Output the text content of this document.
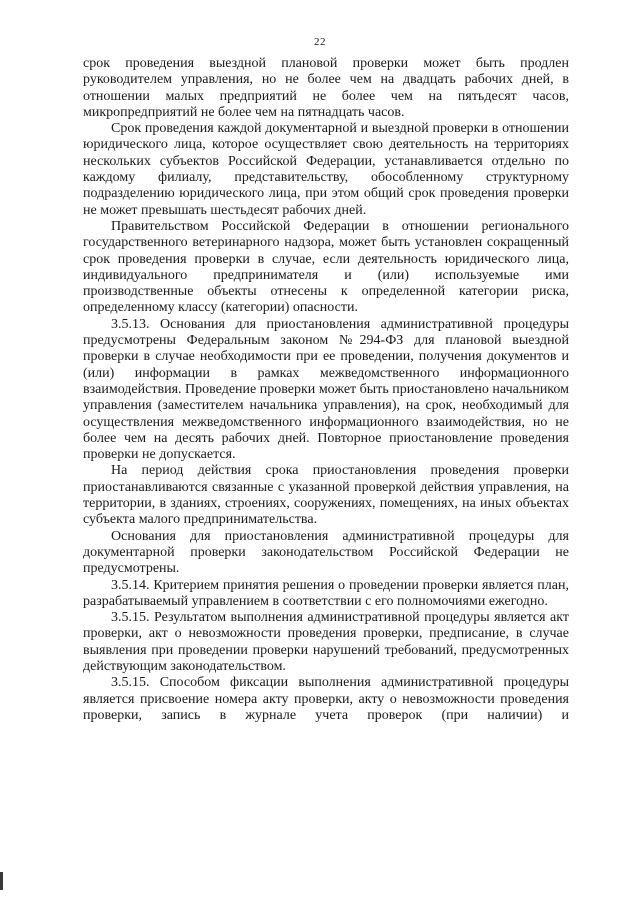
22

срок проведения выездной плановой проверки может быть продлен руководителем управления, но не более чем на двадцать рабочих дней, в отношении малых предприятий не более чем на пятьдесят часов, микропредприятий не более чем на пятнадцать часов.

Срок проведения каждой документарной и выездной проверки в отношении юридического лица, которое осуществляет свою деятельность на территориях нескольких субъектов Российской Федерации, устанавливается отдельно по каждому филиалу, представительству, обособленному структурному подразделению юридического лица, при этом общий срок проведения проверки не может превышать шестьдесят рабочих дней.

Правительством Российской Федерации в отношении регионального государственного ветеринарного надзора, может быть установлен сокращенный срок проведения проверки в случае, если деятельность юридического лица, индивидуального предпринимателя и (или) используемые ими производственные объекты отнесены к определенной категории риска, определенному классу (категории) опасности.

3.5.13. Основания для приостановления административной процедуры предусмотрены Федеральным законом №294-ФЗ для плановой выездной проверки в случае необходимости при ее проведении, получения документов и (или) информации в рамках межведомственного информационного взаимодействия. Проведение проверки может быть приостановлено начальником управления (заместителем начальника управления), на срок, необходимый для осуществления межведомственного информационного взаимодействия, но не более чем на десять рабочих дней. Повторное приостановление проведения проверки не допускается.

На период действия срока приостановления проведения проверки приостанавливаются связанные с указанной проверкой действия управления, на территории, в зданиях, строениях, сооружениях, помещениях, на иных объектах субъекта малого предпринимательства.

Основания для приостановления административной процедуры для документарной проверки законодательством Российской Федерации не предусмотрены.

3.5.14. Критерием принятия решения о проведении проверки является план, разрабатываемый управлением в соответствии с его полномочиями ежегодно.

3.5.15. Результатом выполнения административной процедуры является акт проверки, акт о невозможности проведения проверки, предписание, в случае выявления при проведении проверки нарушений требований, предусмотренных действующим законодательством.

3.5.15. Способом фиксации выполнения административной процедуры является присвоение номера акту проверки, акту о невозможности проведения проверки, запись в журнале учета проверок (при наличии) и
